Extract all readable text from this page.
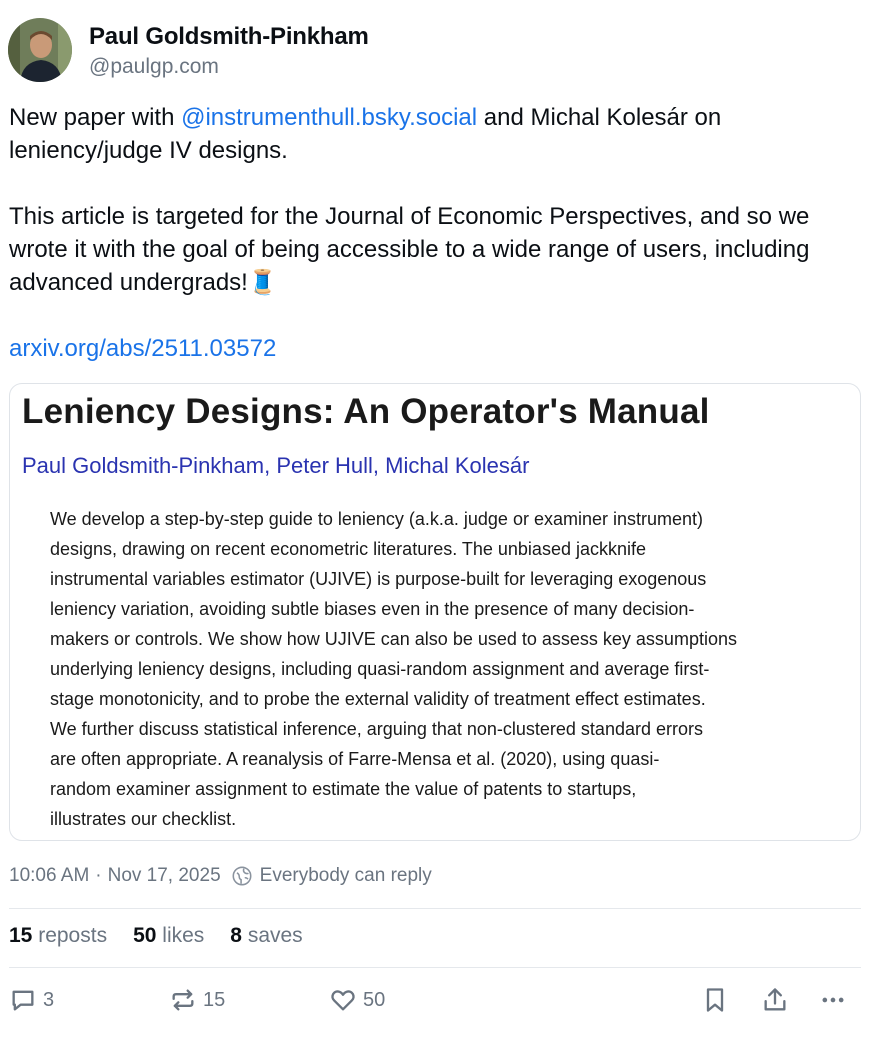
Paul Goldsmith-Pinkham
@paulgp.com

New paper with @instrumenthull.bsky.social and Michal Kolesár on leniency/judge IV designs.

This article is targeted for the Journal of Economic Perspectives, and so we wrote it with the goal of being accessible to a wide range of users, including advanced undergrads!🧵

arxiv.org/abs/2511.03572

Leniency Designs: An Operator's Manual
Paul Goldsmith-Pinkham, Peter Hull, Michal Kolesár
We develop a step-by-step guide to leniency (a.k.a. judge or examiner instrument)
designs, drawing on recent econometric literatures. The unbiased jackknife
instrumental variables estimator (UJIVE) is purpose-built for leveraging exogenous
leniency variation, avoiding subtle biases even in the presence of many decision-
makers or controls. We show how UJIVE can also be used to assess key assumptions
underlying leniency designs, including quasi-random assignment and average first-
stage monotonicity, and to probe the external validity of treatment effect estimates.
We further discuss statistical inference, arguing that non-clustered standard errors
are often appropriate. A reanalysis of Farre-Mensa et al. (2020), using quasi-
random examiner assignment to estimate the value of patents to startups,
illustrates our checklist.
10:06 AM · Nov 17, 2025 Everybody can reply
15 reposts 50 likes 8 saves
3	15	50
